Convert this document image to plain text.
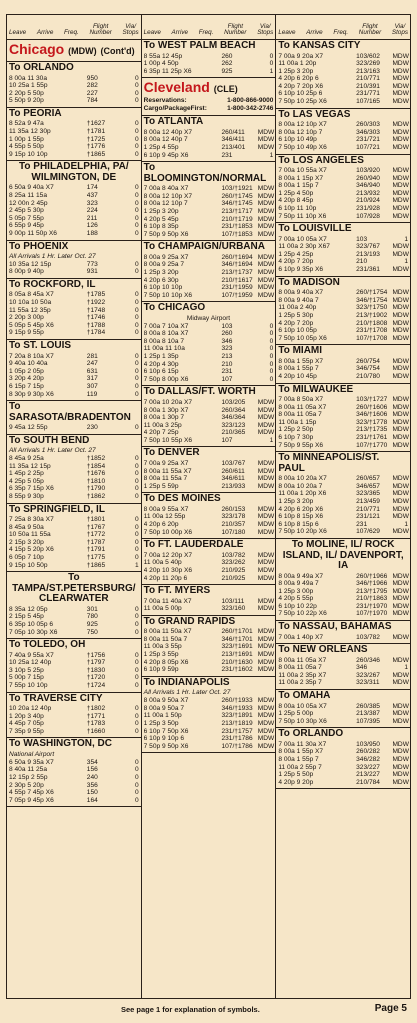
Leave Arrive Freq.
Flight
Number
Via/
Stops
Chicago (MDW) (Cont'd)
To ORLANDO
8 00a 11 30a	950	0
10 25a 1 55p	282	0
2 20p 5 50p	227	0
5 50p 9 20p	784	0
To PEORIA
8 52a 9 47a	†1627	0
11 35a 12 30p	†1781	0
1 00p 1 55p	†1725	0
4 55p 5 50p	†1776	0
9 15p 10 10p	†1865	0
To PHILADELPHIA, PA/ WILMINGTON, DE
6 50a 9 40a X7	174	0
8 25a 11 15a	437	0
12 00n 2 45p	323	0
2 45p 5 30p	224	0
5 05p 7 55p	211	0
6 55p 9 45p	126	0
9 00p 11 50p X6	188	0
To PHOENIX
All Arrivals 1 Hr. Later Oct. 27
10 35a 12 15p	773	0
8 00p 9 40p	931	0
To ROCKFORD, IL
8 05a 8 45a X7	†1785	0
10 10a 10 50a	†1922	0
11 55a 12 35p	†1748	0
2 20p 3 00p	†1746	0
5 05p 5 45p X6	†1788	0
9 15p 9 55p	†1784	0
To ST. LOUIS
7 20a 8 10a X7	281	0
9 40a 10 40a	247	0
1 05p 2 05p	631	0
3 20p 4 20p	317	0
6 15p 7 15p	307	0
8 30p 9 30p X6	119	0
To SARASOTA/BRADENTON
9 45a 12 55p	230	0
To SOUTH BEND
All Arrivals 1 Hr. Later Oct. 27
8 45a 9 25a	†1852	0
11 35a 12 15p	†1854	0
1 45p 2 25p	†1676	0
4 25p 5 05p	†1810	0
6 35p 7 15p X6	†1790	0
8 55p 9 30p	†1862	0
To SPRINGFIELD, IL
7 25a 8 30a X7	†1801	0
8 45a 9 50a	†1767	0
10 50a 11 55a	†1772	0
2 15p 3 20p	†1787	0
4 15p 5 20p X6	†1791	0
6 05p 7 10p	†1775	0
9 15p 10 50p	†1865	1
To TAMPA/ST.PETERSBURG/ CLEARWATER
8 35a 12 05p	301	0
2 15p 5 45p	780	0
6 35p 10 05p 6	925	0
7 05p 10 30p X6	750	0
To TOLEDO, OH
7 40a 9 55a X7	†1756	0
10 25a 12 40p	†1797	0
3 10p 5 25p	†1830	0
5 00p 7 15p	†1720	0
7 55p 10 10p	†1724	0
To TRAVERSE CITY
10 20a 12 40p	†1802	0
1 20p 3 40p	†1771	0
4 45p 7 05p	†1783	0
7 35p 9 55p	†1660	0
To WASHINGTON, DC
National Airport
6 50a 9 35a X7	354	0
8 40a 11 25a	156	0
12 15p 2 55p	240	0
2 30p 5 20p	356	0
4 55p 7 45p X6	150	0
7 05p 9 45p X6	164	0
Leave Arrive Freq.
Flight
Number
Via/
Stops
To WEST PALM BEACH
8 55a 12 45p	260	0
1 00p 4 50p	262	0
6 35p 11 25p X6	925	1
Cleveland (CLE)
Reservations:	1-800-866-9000
Cargo/PackageFirst:	1-800-342-2746
To ATLANTA
8 00a 12 40p X7	260/411	MDW
8 00a 12 40p 7	346/411	MDW
1 25p 4 55p	213/401	MDW
6 10p 9 45p X6	231	1
To BLOOMINGTON/NORMAL
7 00a 8 40a X7	103/†1921 MDW
8 00a 12 10p X7	260/†1745 MDW
8 00a 12 10p 7	346/†1745 MDW
1 25p 3 20p	213/†1717 MDW
4 20p 5 45p	210/†1719 MDW
6 10p 8 35p	231/†1853 MDW
7 50p 9 50p X6	107/†1853 MDW
To CHAMPAIGN/URBANA
8 00a 9 25a X7	260/†1694 MDW
8 00a 9 25a 7	346/†1694 MDW
1 25p 3 20p	213/†1737 MDW
4 20p 6 30p	210/†1617 MDW
6 10p 10 10p	231/†1959 MDW
7 50p 10 10p X6	107/†1959 MDW
To CHICAGO
Midway Airport
7 00a 7 10a X7	103	0
8 00a 8 10a X7	260	0
8 00a 8 10a 7	346	0
11 00a 11 10a	323	0
1 25p 1 35p	213	0
4 20p 4 30p	210	0
6 10p 6 15p	231	0
7 50p 8 00p X6	107	0
To DALLAS/FT. WORTH
7 00a 10 20a X7	103/205	MDW
8 00a 1 30p X7	260/364	MDW
8 00a 1 30p 7	346/364	MDW
11 00a 3 25p	323/123	MDW
4 20p 7 25p	210/365	MDW
7 50p 10 55p X6	107	1
To DENVER
7 00a 9 25a X7	103/767	MDW
8 00a 11 55a X7	260/611	MDW
8 00a 11 55a 7	346/611	MDW
1 25p 5 59p	213/933	MDW
To DES MOINES
8 00a 9 55a X7	260/153	MDW
11 00a 12 55p	323/178	MDW
4 20p 6 20p	210/357	MDW
7 50p 10 00p X6	107/180	MDW
To FT. LAUDERDALE
7 00a 12 20p X7	103/782	MDW
11 00a 5 40p	323/262	MDW
4 20p 10 30p X6	210/925	MDW
4 20p 11 20p 6	210/925	MDW
To FT. MYERS
7 00a 11 40a X7	103/111	MDW
11 00a 5 00p	323/160	MDW
To GRAND RAPIDS
8 00a 11 50a X7	260/†1701 MDW
8 00a 11 50a 7	346/†1701 MDW
11 00a 3 55p	323/†1691 MDW
1 25p 3 55p	213/†1691 MDW
4 20p 8 05p X6	210/†1630 MDW
6 10p 9 59p	231/†1602 MDW
To INDIANAPOLIS
All Arrivals 1 Hr. Later Oct. 27
8 00a 9 50a X7	260/†1933 MDW
8 00a 9 50a 7	346/†1933 MDW
11 00a 1 50p	323/†1891 MDW
1 25p 3 50p	213/†1819 MDW
6 10p 7 50p X6	231/†1757 MDW
6 10p 9 10p 6	231/†1786 MDW
7 50p 9 50p X6	107/†1786 MDW
Leave Arrive Freq.
Flight
Number
Via/
Stops
To KANSAS CITY
7 00a 9 20a X7	103/602	MDW
11 00a 1 20p	323/269	MDW
1 25p 3 20p	213/163	MDW
4 20p 6 20p 6	210/771	MDW
4 20p 7 20p X6	210/391	MDW
6 10p 10 25p 6	231/771	MDW
7 50p 10 25p X6	107/165	MDW
To LAS VEGAS
8 00a 12 10p X7	260/303	MDW
8 00a 12 10p 7	346/303	MDW
6 10p 10 49p	231/721	MDW
7 50p 10 49p X6	107/721	MDW
To LOS ANGELES
7 00a 10 55a X7	103/920	MDW
8 00a 1 15p X7	260/940	MDW
8 00a 1 15p 7	346/940	MDW
1 25p 4 50p	213/932	MDW
4 20p 8 45p	210/924	MDW
6 10p 11 10p	231/928	MDW
7 50p 11 10p X6	107/928	MDW
To LOUISVILLE
7 00a 10 05a X7	103	1
11 00a 2 30p X67	323/767	MDW
1 25p 4 25p	213/193	MDW
4 20p 7 20p	210	1
6 10p 9 35p X6	231/361	MDW
To MADISON
8 00a 9 40a X7	260/†1754 MDW
8 00a 9 40a 7	346/†1754 MDW
11 00a 2 40p	323/†1750 MDW
1 25p 5 30p	213/†1902 MDW
4 20p 7 20p	210/†1808 MDW
6 10p 10 05p	231/†1708 MDW
7 50p 10 05p X6	107/†1708 MDW
To MIAMI
8 00a 1 55p X7	260/754	MDW
8 00a 1 55p 7	346/754	MDW
4 20p 10 45p	210/780	MDW
To MILWAUKEE
7 00a 8 50a X7	103/†1727 MDW
8 00a 11 05a X7	260/†1606 MDW
8 00a 11 05a 7	346/†1606 MDW
11 00a 1 15p	323/†1778 MDW
1 25p 2 50p	213/†1735 MDW
6 10p 7 30p	231/†1761 MDW
7 50p 9 55p X6	107/†1770 MDW
To MINNEAPOLIS/ST. PAUL
8 00a 10 20a X7	260/657	MDW
8 00a 10 20a 7	346/657	MDW
11 00a 1 20p X6	323/365	MDW
1 25p 3 20p	213/459	MDW
4 20p 6 20p X6	210/771	MDW
6 10p 8 15p X6	231/121	MDW
6 10p 8 15p 6	231	1
7 50p 10 20p X6	107/629	MDW
To MOLINE, IL/ ROCK ISLAND, IL/ DAVENPORT, IA
8 00a 9 49a X7	260/†1966 MDW
8 00a 9 49a 7	346/†1966 MDW
1 25p 3 00p	213/†1795 MDW
4 20p 5 55p	210/†1863 MDW
6 10p 10 22p	231/†1970 MDW
7 50p 10 22p X6	107/†1970 MDW
To NASSAU, BAHAMAS
7 00a 1 40p X7	103/782	MDW
To NEW ORLEANS
8 00a 11 05a X7	260/346	MDW
8 00a 11 05a 7	346	1
11 00a 2 35p X7	323/267	MDW
11 00a 2 35p 7	323/311	MDW
To OMAHA
8 00a 10 05a X7	260/385	MDW
1 25p 5 00p	213/387	MDW
7 50p 10 30p X6	107/395	MDW
To ORLANDO
7 00a 11 30a X7	103/950	MDW
8 00a 1 55p X7	260/282	MDW
8 00a 1 55p 7	346/282	MDW
11 00a 2 55p 7	323/227	MDW
1 25p 5 50p	213/227	MDW
4 20p 9 20p	210/784	MDW
See page 1 for explanation of symbols.	Page 5
